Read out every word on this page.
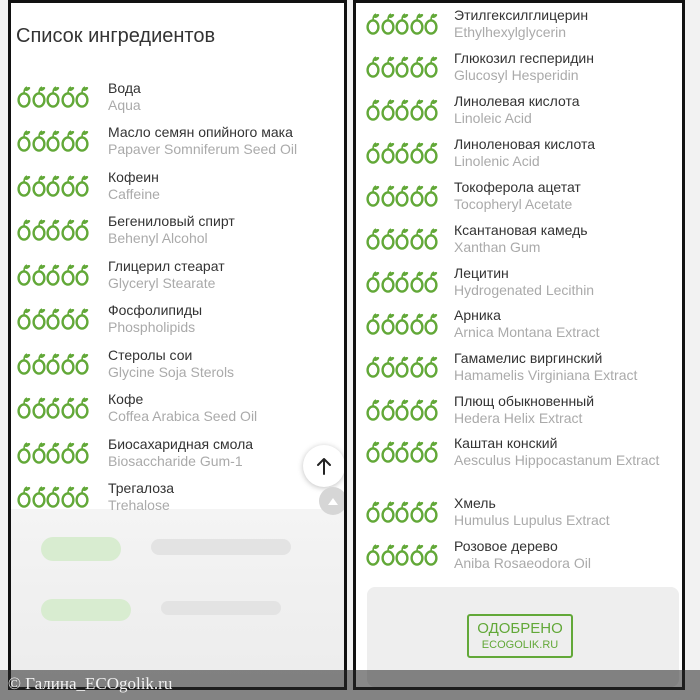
Список ингредиентов
Вода
Aqua
Масло семян опийного мака
Papaver Somniferum Seed Oil
Кофеин
Caffeine
Бегениловый спирт
Behenyl Alcohol
Глицерил стеарат
Glyceryl Stearate
Фосфолипиды
Phospholipids
Стеролы сои
Glycine Soja Sterols
Кофе
Coffea Arabica Seed Oil
Биосахаридная смола
Biosaccharide Gum-1
Трегалоза
Trehalose
ОДОБРЕНО
ECOGOLIK.RU
Этилгексилглицерин
Ethylhexylglycerin
Глюкозил гесперидин
Glucosyl Hesperidin
Линолевая кислота
Linoleic Acid
Линоленовая кислота
Linolenic Acid
Токоферола ацетат
Tocopheryl Acetate
Ксантановая камедь
Xanthan Gum
Лецитин
Hydrogenated Lecithin
Арника
Arnica Montana Extract
Гамамелис виргинский
Hamamelis Virginiana Extract
Плющ обыкновенный
Hedera Helix Extract
Каштан конский
Aesculus Hippocastanum Extract
Хмель
Humulus Lupulus Extract
Розовое дерево
Aniba Rosaeodora Oil
© Галина_ECOgolik.ru
